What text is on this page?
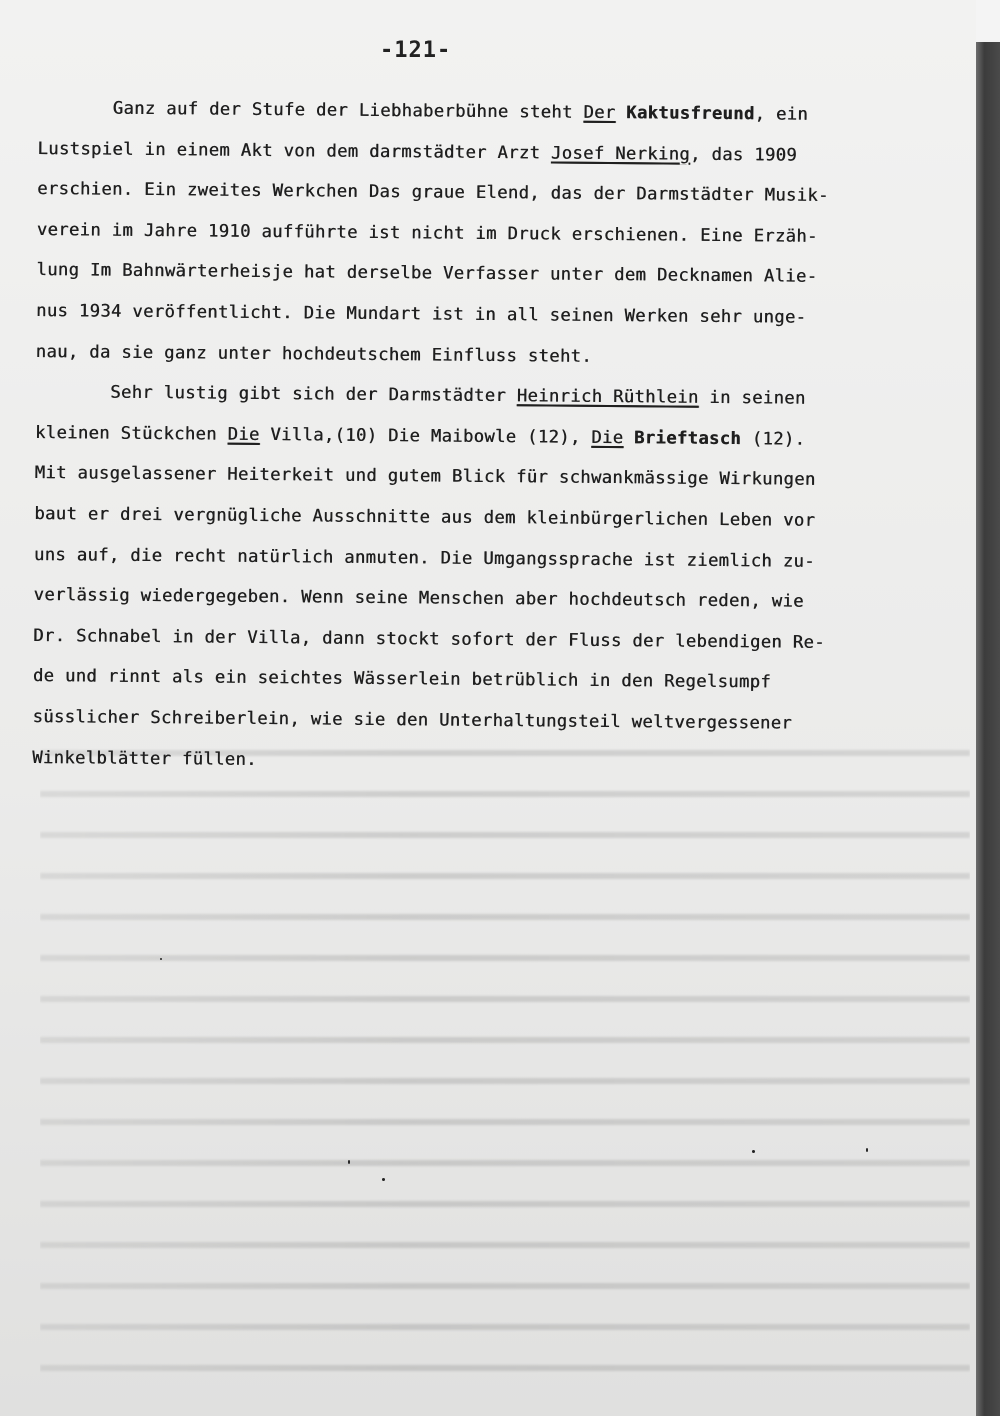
-121-
Ganz auf der Stufe der Liebhaberbühne steht Der Kaktusfreund, ein
Lustspiel in einem Akt von dem darmstädter Arzt Josef Nerking, das 1909
erschien. Ein zweites Werkchen Das graue Elend, das der Darmstädter Musik-
verein im Jahre 1910 aufführte ist nicht im Druck erschienen. Eine Erzäh-
lung Im Bahnwärterheisje hat derselbe Verfasser unter dem Decknamen Alie-
nus 1934 veröffentlicht. Die Mundart ist in all seinen Werken sehr unge-
nau, da sie ganz unter hochdeutschem Einfluss steht.
Sehr lustig gibt sich der Darmstädter Heinrich Rüthlein in seinen
kleinen Stückchen Die Villa,(10) Die Maibowle (12), Die Brieftasch (12).
Mit ausgelassener Heiterkeit und gutem Blick für schwankmässige Wirkungen
baut er drei vergnügliche Ausschnitte aus dem kleinbürgerlichen Leben vor
uns auf, die recht natürlich anmuten. Die Umgangssprache ist ziemlich zu-
verlässig wiedergegeben. Wenn seine Menschen aber hochdeutsch reden, wie
Dr. Schnabel in der Villa, dann stockt sofort der Fluss der lebendigen Re-
de und rinnt als ein seichtes Wässerlein betrüblich in den Regelsumpf
süsslicher Schreiberlein, wie sie den Unterhaltungsteil weltvergessener
Winkelblätter füllen.
